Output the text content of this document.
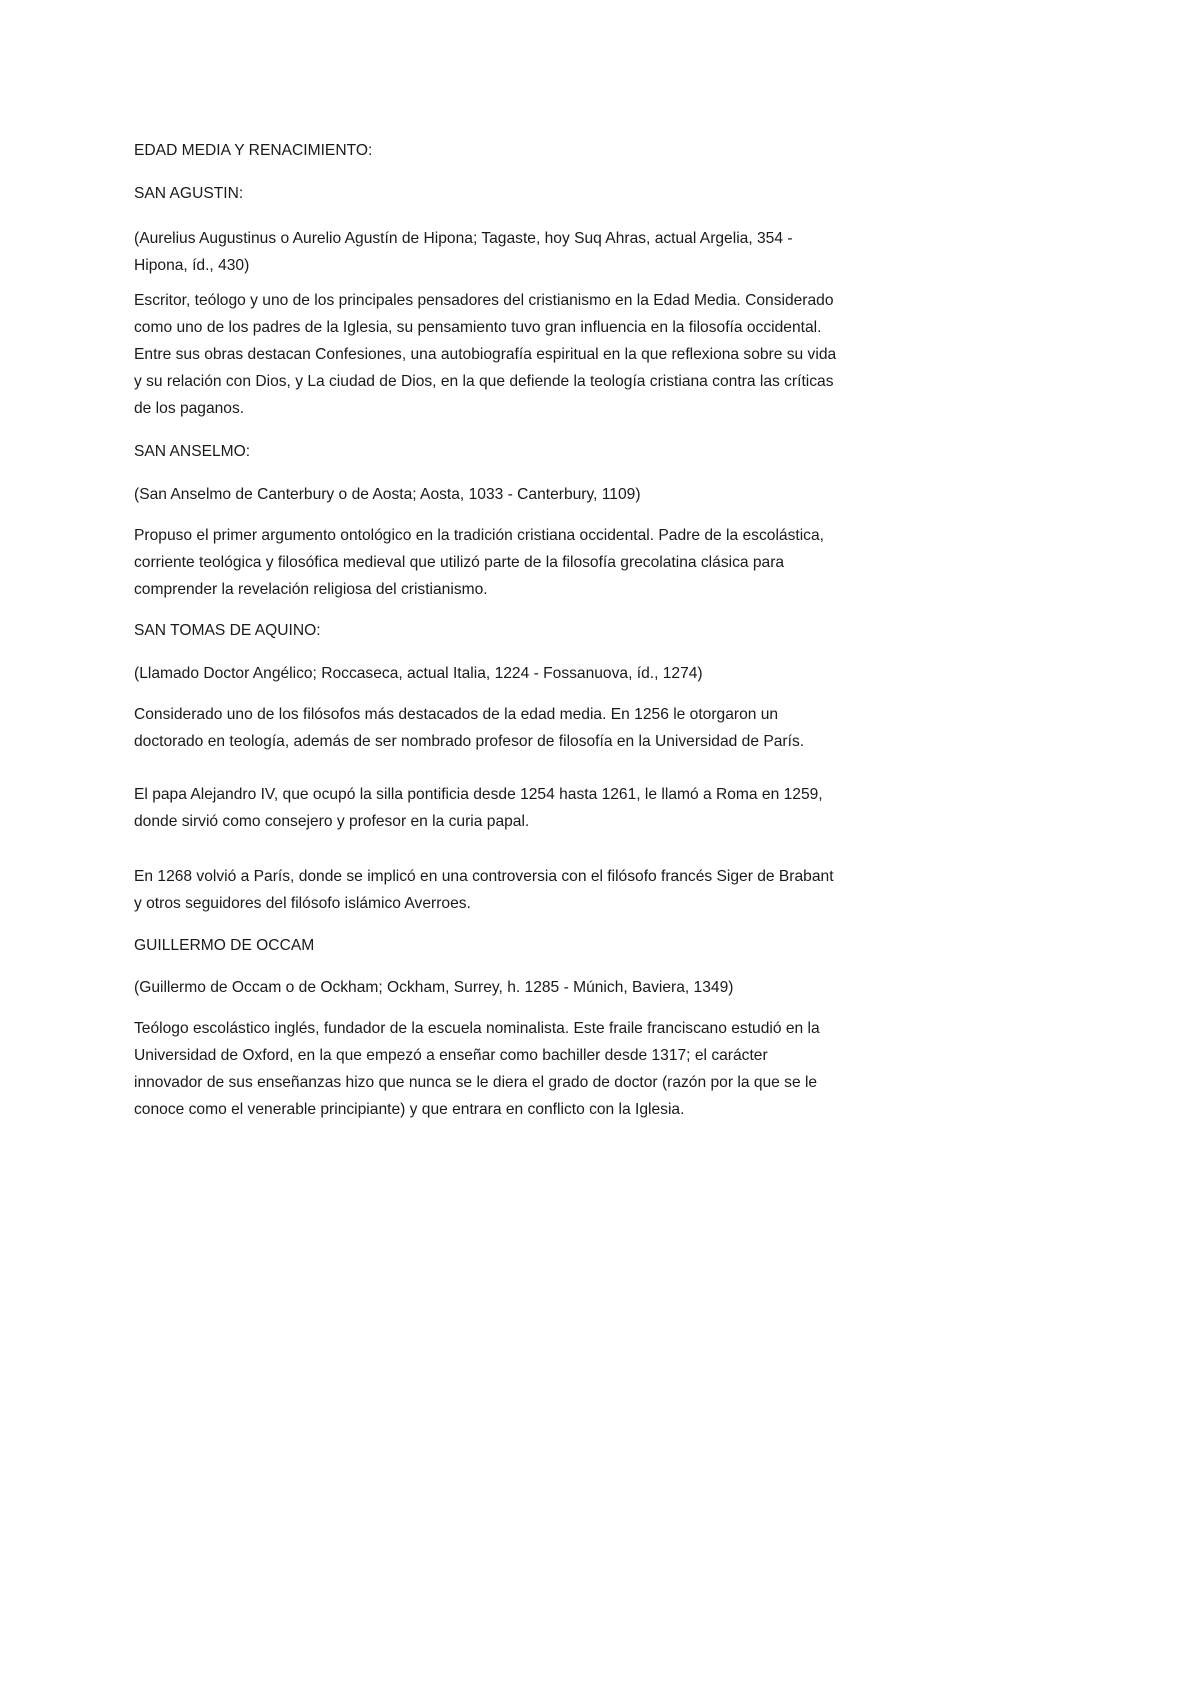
EDAD MEDIA Y RENACIMIENTO:
SAN AGUSTIN:
(Aurelius Augustinus o Aurelio Agustín de Hipona; Tagaste, hoy Suq Ahras, actual Argelia, 354 -
Hipona, íd., 430)
Escritor, teólogo y uno de los principales pensadores del cristianismo en la Edad Media. Considerado
como uno de los padres de la Iglesia, su pensamiento tuvo gran influencia en la filosofía occidental.
Entre sus obras destacan Confesiones, una autobiografía espiritual en la que reflexiona sobre su vida
y su relación con Dios, y La ciudad de Dios, en la que defiende la teología cristiana contra las críticas
de los paganos.
SAN ANSELMO:
(San Anselmo de Canterbury o de Aosta; Aosta, 1033 - Canterbury, 1109)
Propuso el primer argumento ontológico en la tradición cristiana occidental. Padre de la escolástica,
corriente teológica y filosófica medieval que utilizó parte de la filosofía grecolatina clásica para
comprender la revelación religiosa del cristianismo.
SAN TOMAS DE AQUINO:
(Llamado Doctor Angélico; Roccaseca, actual Italia, 1224 - Fossanuova, íd., 1274)
Considerado uno de los filósofos más destacados de la edad media. En 1256 le otorgaron un
doctorado en teología, además de ser nombrado profesor de filosofía en la Universidad de París.
El papa Alejandro IV, que ocupó la silla pontificia desde 1254 hasta 1261, le llamó a Roma en 1259,
donde sirvió como consejero y profesor en la curia papal.
En 1268 volvió a París, donde se implicó en una controversia con el filósofo francés Siger de Brabant
y otros seguidores del filósofo islámico Averroes.
GUILLERMO DE OCCAM
(Guillermo de Occam o de Ockham; Ockham, Surrey, h. 1285 - Múnich, Baviera, 1349)
Teólogo escolástico inglés, fundador de la escuela nominalista. Este fraile franciscano estudió en la
Universidad de Oxford, en la que empezó a enseñar como bachiller desde 1317; el carácter
innovador de sus enseñanzas hizo que nunca se le diera el grado de doctor (razón por la que se le
conoce como el venerable principiante) y que entrara en conflicto con la Iglesia.
